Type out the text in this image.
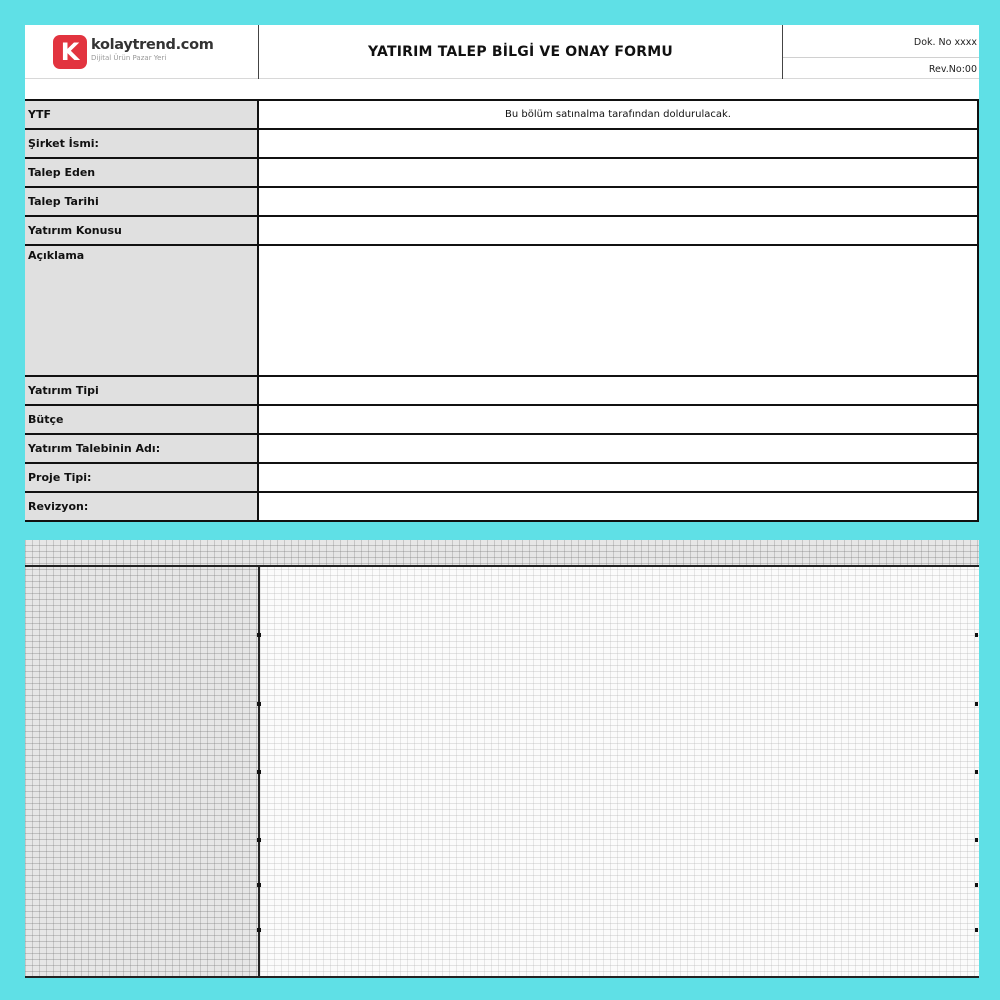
K kolaytrend.com
Dijital Ürün Pazar Yeri	YATIRIM TALEP BİLGİ VE ONAY FORMU
Dok. No xxxx
Rev.No:00
YTF	Bu bölüm satınalma tarafından doldurulacak.
Şirket İsmi:
Talep Eden
Talep Tarihi
Yatırım Konusu
Açıklama
Yatırım Tipi
Bütçe
Yatırım Talebinin Adı:
Proje Tipi:
Revizyon:
